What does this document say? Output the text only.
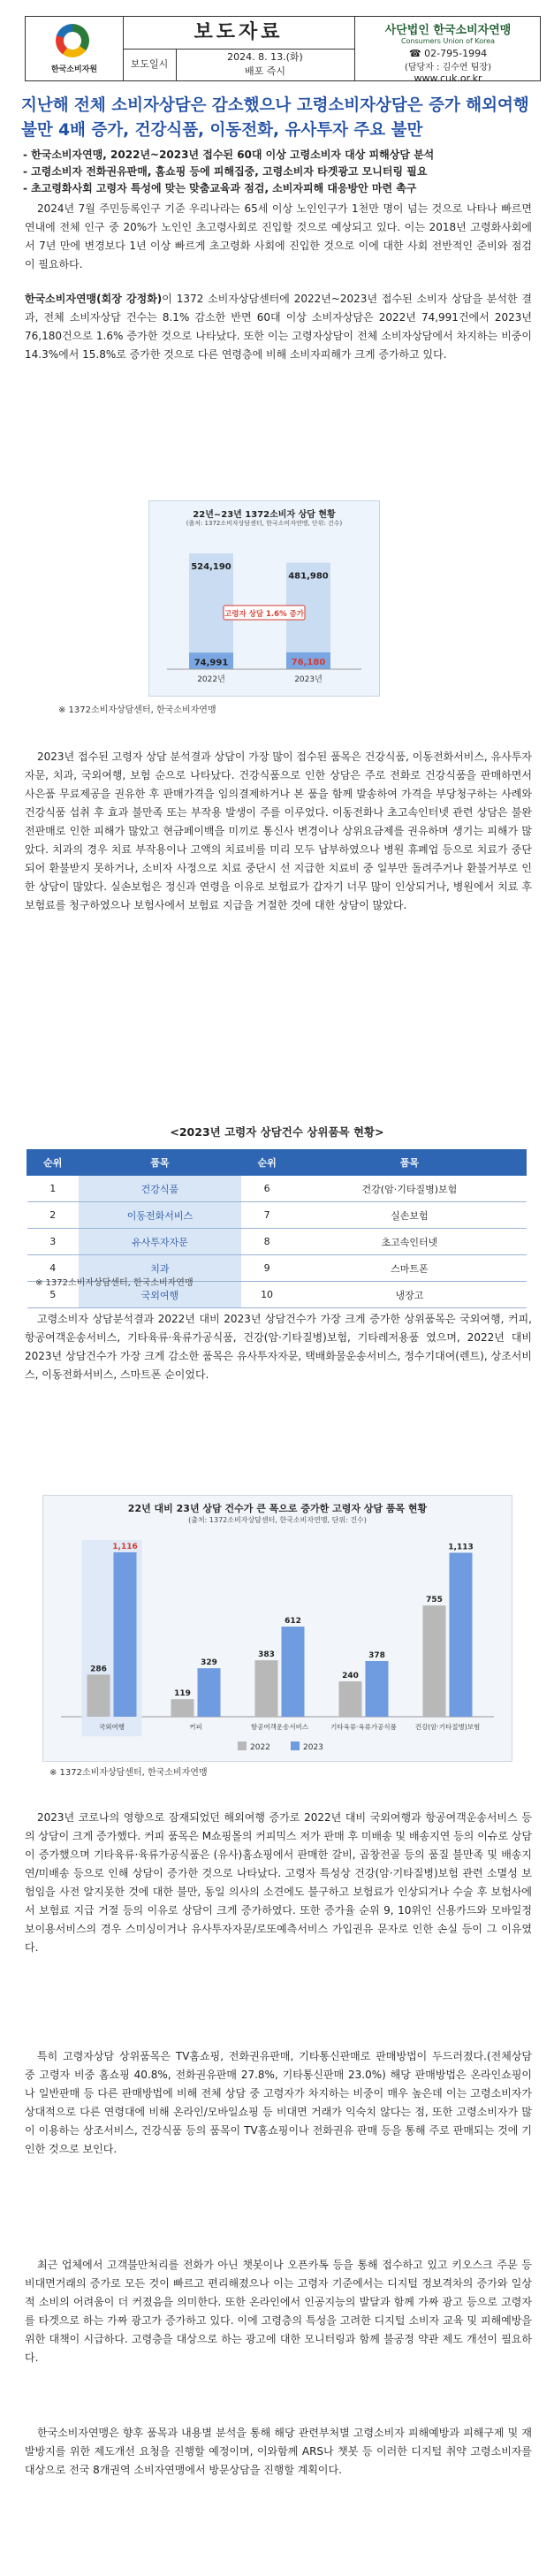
한국소비자원
보도자료
보도일시
2024. 8. 13.(화)
배포 즉시
사단법인 한국소비자연맹
Consumers Union of Korea
☎ 02-795-1994
(담당자 : 김수연 팀장)
www.cuk.or.kr
지난해 전체 소비자상담은 감소했으나 고령소비자상담은 증가 해외여행 불만 4배 증가, 건강식품, 이동전화, 유사투자 주요 불만
- 한국소비자연맹, 2022년~2023년 접수된 60대 이상 고령소비자 대상 피해상담 분석
- 고령소비자 전화권유판매, 홈쇼핑 등에 피해집중, 고령소비자 타겟광고 모니터링 필요
- 초고령화사회 고령자 특성에 맞는 맞춤교육과 점검, 소비자피해 대응방안 마련 촉구
2024년 7월 주민등록인구 기준 우리나라는 65세 이상 노인인구가 1천만 명이 넘는 것으로 나타나 빠르면 연내에 전체 인구 중 20%가 노인인 초고령사회로 진입할 것으로 예상되고 있다. 이는 2018년 고령화사회에서 7년 만에 변경보다 1년 이상 빠르게 초고령화 사회에 진입한 것으로 이에 대한 사회 전반적인 준비와 점검이 필요하다.
한국소비자연맹(회장 강정화)이 1372 소비자상담센터에 2022년~2023년 접수된 소비자 상담을 분석한 결과, 전체 소비자상담 건수는 8.1% 감소한 반면 60대 이상 소비자상담은 2022년 74,991건에서 2023년 76,180건으로 1.6% 증가한 것으로 나타났다. 또한 이는 고령자상담이 전체 소비자상담에서 차지하는 비중이 14.3%에서 15.8%로 증가한 것으로 다른 연령층에 비해 소비자피해가 크게 증가하고 있다.
22년~23년 1372소비자 상담 현황
(출처: 1372소비자상담센터, 한국소비자연맹, 단위: 건수)
524,190
74,991
2022년
481,980
76,180
2023년
고령자 상담 1.6% 증가
※ 1372소비자상담센터, 한국소비자연맹
2023년 접수된 고령자 상담 분석결과 상담이 가장 많이 접수된 품목은 건강식품, 이동전화서비스, 유사투자자문, 치과, 국외여행, 보험 순으로 나타났다. 건강식품으로 인한 상담은 주로 전화로 건강식품을 판매하면서 사은품 무료제공을 권유한 후 판매가격을 임의결제하거나 본 품을 함께 발송하여 가격을 부당청구하는 사례와 건강식품 섭취 후 효과 불만족 또는 부작용 발생이 주를 이루었다. 이동전화나 초고속인터넷 관련 상담은 불완전판매로 인한 피해가 많았고 현금페이백을 미끼로 통신사 변경이나 상위요금제를 권유하며 생기는 피해가 많았다. 치과의 경우 치료 부작용이나 고액의 치료비를 미리 모두 납부하였으나 병원 휴폐업 등으로 치료가 중단되어 환불받지 못하거나, 소비자 사정으로 치료 중단시 선 지급한 치료비 중 일부만 돌려주거나 환불거부로 인한 상담이 많았다. 실손보험은 정신과 연령을 이유로 보험료가 갑자기 너무 많이 인상되거나, 병원에서 치료 후 보험료를 청구하였으나 보험사에서 보험료 지급을 거절한 것에 대한 상담이 많았다.
<2023년 고령자 상담건수 상위품목 현황>
순위	품목	순위	품목
1	건강식품	6	건강(암·기타질병)보험
2	이동전화서비스	7	실손보험
3	유사투자자문	8	초고속인터넷
4	치과	9	스마트폰
5	국외여행	10	냉장고
※ 1372소비자상담센터, 한국소비자연맹
고령소비자 상담분석결과 2022년 대비 2023년 상담건수가 가장 크게 증가한 상위품목은 국외여행, 커피, 항공여객운송서비스, 기타육류·육류가공식품, 건강(암·기타질병)보험, 기타레저용품 였으며, 2022년 대비 2023년 상담건수가 가장 크게 감소한 품목은 유사투자자문, 택배화물운송서비스, 정수기대여(렌트), 상조서비스, 이동전화서비스, 스마트폰 순이었다.
22년 대비 23년 상담 건수가 큰 폭으로 증가한 고령자 상담 품목 현황
(출처: 1372소비자상담센터, 한국소비자연맹, 단위: 건수)
286
1,116
국외여행
119
329
커피
383
612
항공여객운송서비스
240
378
기타육류·육류가공식품
755
1,113
건강(암·기타질병)보험
2022	2023
※ 1372소비자상담센터, 한국소비자연맹
2023년 코로나의 영향으로 잠재되었던 해외여행 증가로 2022년 대비 국외여행과 항공여객운송서비스 등의 상담이 크게 증가했다. 커피 품목은 M쇼핑몰의 커피믹스 저가 판매 후 미배송 및 배송지연 등의 이슈로 상담이 증가했으며 기타육류·육류가공식품은 (유사)홈쇼핑에서 판매한 갈비, 곱창전골 등의 품질 불만족 및 배송지연/미배송 등으로 인해 상담이 증가한 것으로 나타났다. 고령자 특성상 건강(암·기타질병)보험 관련 소멸성 보험임을 사전 알지못한 것에 대한 불만, 동일 의사의 소견에도 불구하고 보험료가 인상되거나 수술 후 보험사에서 보험료 지급 거절 등의 이유로 상담이 크게 증가하였다. 또한 증가율 순위 9, 10위인 신용카드와 모바일정보이용서비스의 경우 스미싱이거나 유사투자자문/로또예측서비스 가입권유 문자로 인한 손실 등이 그 이유였다.
특히 고령자상담 상위품목은 TV홈쇼핑, 전화권유판매, 기타통신판매로 판매방법이 두드러졌다.(전체상담 중 고령자 비중 홈쇼핑 40.8%, 전화권유판매 27.8%, 기타통신판매 23.0%) 해당 판매방법은 온라인쇼핑이나 일반판매 등 다른 판매방법에 비해 전체 상담 중 고령자가 차지하는 비중이 매우 높은데 이는 고령소비자가 상대적으로 다른 연령대에 비해 온라인/모바일쇼핑 등 비대면 거래가 익숙치 않다는 점, 또한 고령소비자가 많이 이용하는 상조서비스, 건강식품 등의 품목이 TV홈쇼핑이나 전화권유 판매 등을 통해 주로 판매되는 것에 기인한 것으로 보인다.
최근 업체에서 고객불만처리를 전화가 아닌 챗봇이나 오픈카톡 등을 통해 접수하고 있고 키오스크 주문 등 비대면거래의 증가로 모든 것이 빠르고 편리해졌으나 이는 고령자 기준에서는 디지털 정보격차의 증가와 일상적 소비의 어려움이 더 커졌음을 의미한다. 또한 온라인에서 인공지능의 발달과 함께 가짜 광고 등으로 고령자를 타겟으로 하는 가짜 광고가 증가하고 있다. 이에 고령층의 특성을 고려한 디지털 소비자 교육 및 피해예방을 위한 대책이 시급하다. 고령층을 대상으로 하는 광고에 대한 모니터링과 함께 불공정 약관 제도 개선이 필요하다.
한국소비자연맹은 향후 품목과 내용별 분석을 통해 해당 관련부처별 고령소비자 피해예방과 피해구제 및 재발방지를 위한 제도개선 요청을 진행할 예정이며, 이와함께 ARS나 챗봇 등 이러한 디지털 취약 고령소비자를 대상으로 전국 8개권역 소비자연맹에서 방문상담을 진행할 계획이다.
